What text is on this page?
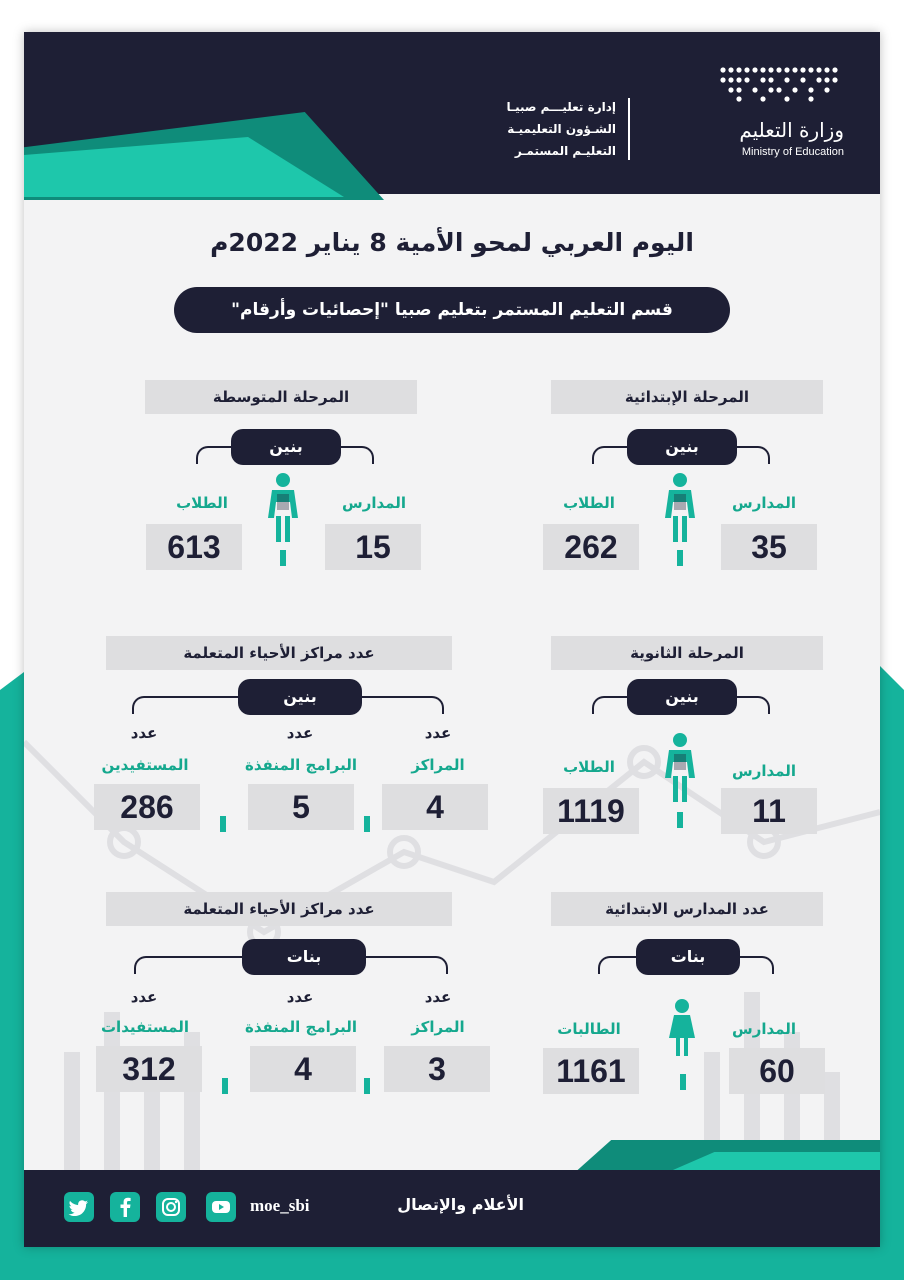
وزارة التعليم
Ministry of Education
إدارة تعليـــم صبيـا
الشـؤون التعليميـة
التعليـم المستمـر
اليوم العربي لمحو الأمية 8 يناير 2022م
قسم التعليم المستمر بتعليم صبيا "إحصائيات وأرقام"
المرحلة الإبتدائية
بنين
المدارس
الطلاب
35
262
المرحلة المتوسطة
بنين
المدارس
الطلاب
15
613
المرحلة الثانوية
بنين
المدارس
الطلاب
11
1119
عدد مراكز الأحياء المتعلمة
بنين
عدد
عدد
عدد
المراكز
البرامج المنفذة
المستفيدين
4
5
286
عدد المدارس الابتدائية
بنات
المدارس
الطالبات
60
1161
عدد مراكز الأحياء المتعلمة
بنات
عدد
عدد
عدد
المراكز
البرامج المنفذة
المستفيدات
3
4
312
الأعلام والإتصال
moe_sbi
